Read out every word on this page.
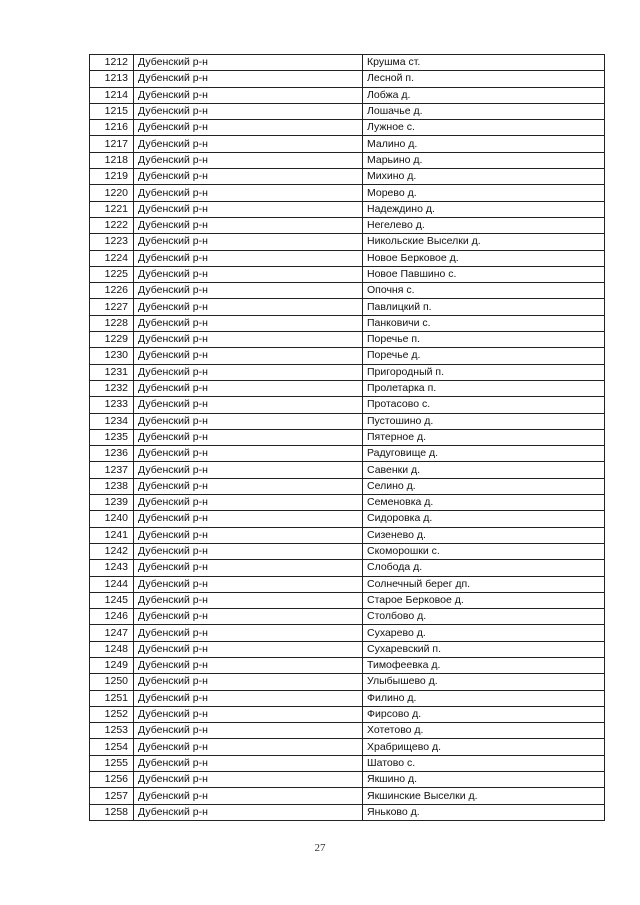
1212	Дубенский р-н	Крушма ст.
1213	Дубенский р-н	Лесной п.
1214	Дубенский р-н	Лобжа д.
1215	Дубенский р-н	Лошачье д.
1216	Дубенский р-н	Лужное с.
1217	Дубенский р-н	Малино д.
1218	Дубенский р-н	Марьино д.
1219	Дубенский р-н	Михино д.
1220	Дубенский р-н	Морево д.
1221	Дубенский р-н	Надеждино д.
1222	Дубенский р-н	Негелево д.
1223	Дубенский р-н	Никольские Выселки д.
1224	Дубенский р-н	Новое Берковое д.
1225	Дубенский р-н	Новое Павшино с.
1226	Дубенский р-н	Опочня с.
1227	Дубенский р-н	Павлицкий п.
1228	Дубенский р-н	Панковичи с.
1229	Дубенский р-н	Поречье п.
1230	Дубенский р-н	Поречье д.
1231	Дубенский р-н	Пригородный п.
1232	Дубенский р-н	Пролетарка п.
1233	Дубенский р-н	Протасово с.
1234	Дубенский р-н	Пустошино д.
1235	Дубенский р-н	Пятерное д.
1236	Дубенский р-н	Радуговище д.
1237	Дубенский р-н	Савенки д.
1238	Дубенский р-н	Селино д.
1239	Дубенский р-н	Семеновка д.
1240	Дубенский р-н	Сидоровка д.
1241	Дубенский р-н	Сизенево д.
1242	Дубенский р-н	Скоморошки с.
1243	Дубенский р-н	Слобода д.
1244	Дубенский р-н	Солнечный берег дп.
1245	Дубенский р-н	Старое Берковое д.
1246	Дубенский р-н	Столбово д.
1247	Дубенский р-н	Сухарево д.
1248	Дубенский р-н	Сухаревский п.
1249	Дубенский р-н	Тимофеевка д.
1250	Дубенский р-н	Улыбышево д.
1251	Дубенский р-н	Филино д.
1252	Дубенский р-н	Фирсово д.
1253	Дубенский р-н	Хотетово д.
1254	Дубенский р-н	Храбрищево д.
1255	Дубенский р-н	Шатово с.
1256	Дубенский р-н	Якшино д.
1257	Дубенский р-н	Якшинские Выселки д.
1258	Дубенский р-н	Яньково д.
27
